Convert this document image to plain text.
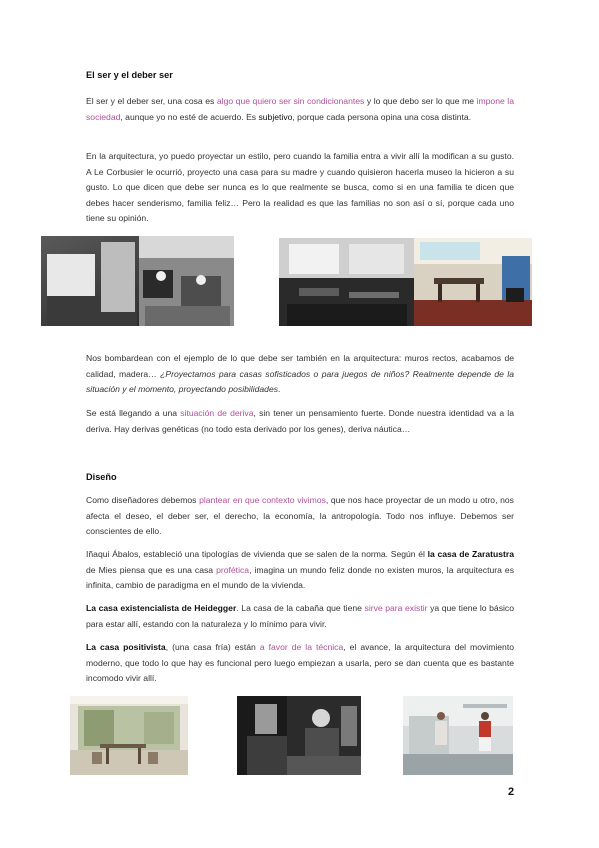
El ser y el deber ser
El ser y el deber ser, una cosa es algo que quiero ser sin condicionantes y lo que debo ser lo que me impone la sociedad, aunque yo no esté de acuerdo. Es subjetivo, porque cada persona opina una cosa distinta.
En la arquitectura, yo puedo proyectar un estilo, pero cuando la familia entra a vivir allí la modifican a su gusto. A Le Corbusier le ocurrió, proyecto una casa para su madre y cuando quisieron hacerla museo la hicieron a su gusto. Lo que dicen que debe ser nunca es lo que realmente se busca, como si en una familia te dicen que debes hacer senderismo, familia feliz… Pero la realidad es que las familias no son así o sí, porque cada uno tiene su opinión.
Nos bombardean con el ejemplo de lo que debe ser también en la arquitectura: muros rectos, acabamos de calidad, madera… ¿Proyectamos para casas sofisticados o para juegos de niños? Realmente depende de la situación y el momento, proyectando posibilidades.
Se está llegando a una situación de deriva, sin tener un pensamiento fuerte. Donde nuestra identidad va a la deriva. Hay derivas genéticas (no todo esta derivado por los genes), deriva náutica…
Diseño
Como diseñadores debemos plantear en que contexto vivimos, que nos hace proyectar de un modo u otro, nos afecta el deseo, el deber ser, el derecho, la economía, la antropología. Todo nos influye. Debemos ser conscientes de ello.
Iñaqui Ábalos, estableció una tipologías de vivienda que se salen de la norma. Según él la casa de Zaratustra de Mies piensa que es una casa profética, imagina un mundo feliz donde no existen muros, la arquitectura es infinita, cambio de paradigma en el mundo de la vivienda.
La casa existencialista de Heidegger. La casa de la cabaña que tiene sirve para existir ya que tiene lo básico para estar allí, estando con la naturaleza y lo mínimo para vivir.
La casa positivista, (una casa fría) están a favor de la técnica, el avance, la arquitectura del movimiento moderno, que todo lo que hay es funcional pero luego empiezan a usarla, pero se dan cuenta que es bastante incomodo vivir allí.
2
